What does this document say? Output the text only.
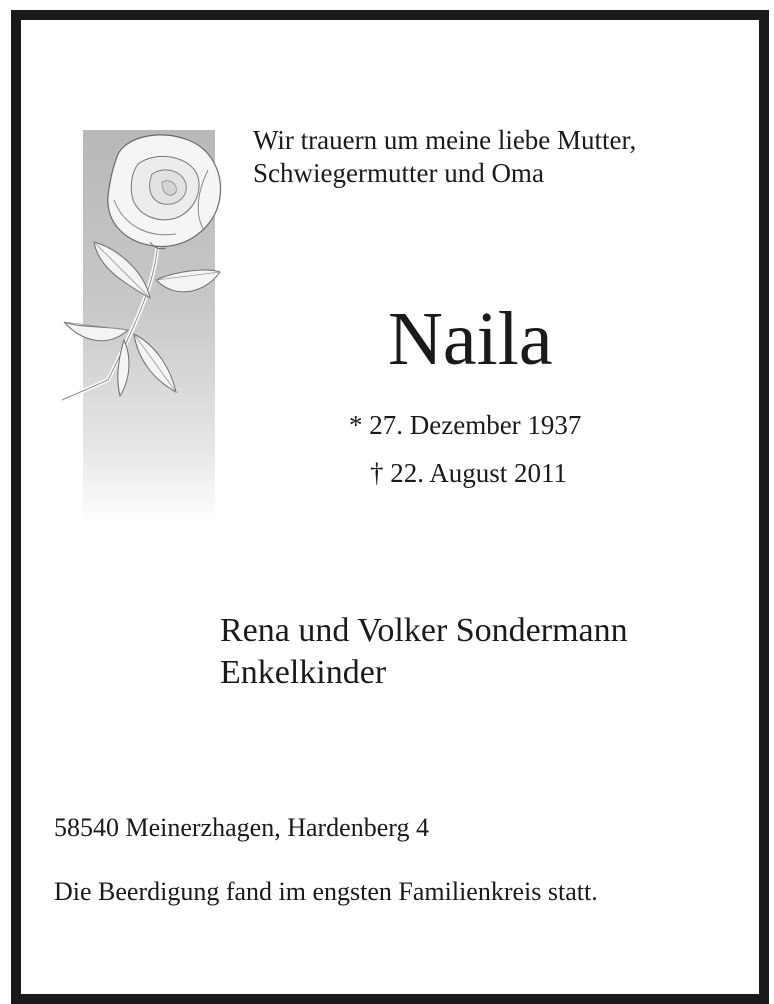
Wir trauern um meine liebe Mutter,
Schwiegermutter und Oma
Naila
* 27. Dezember 1937
† 22. August 2011
Rena und Volker Sondermann
Enkelkinder
58540 Meinerzhagen, Hardenberg 4
Die Beerdigung fand im engsten Familienkreis statt.
